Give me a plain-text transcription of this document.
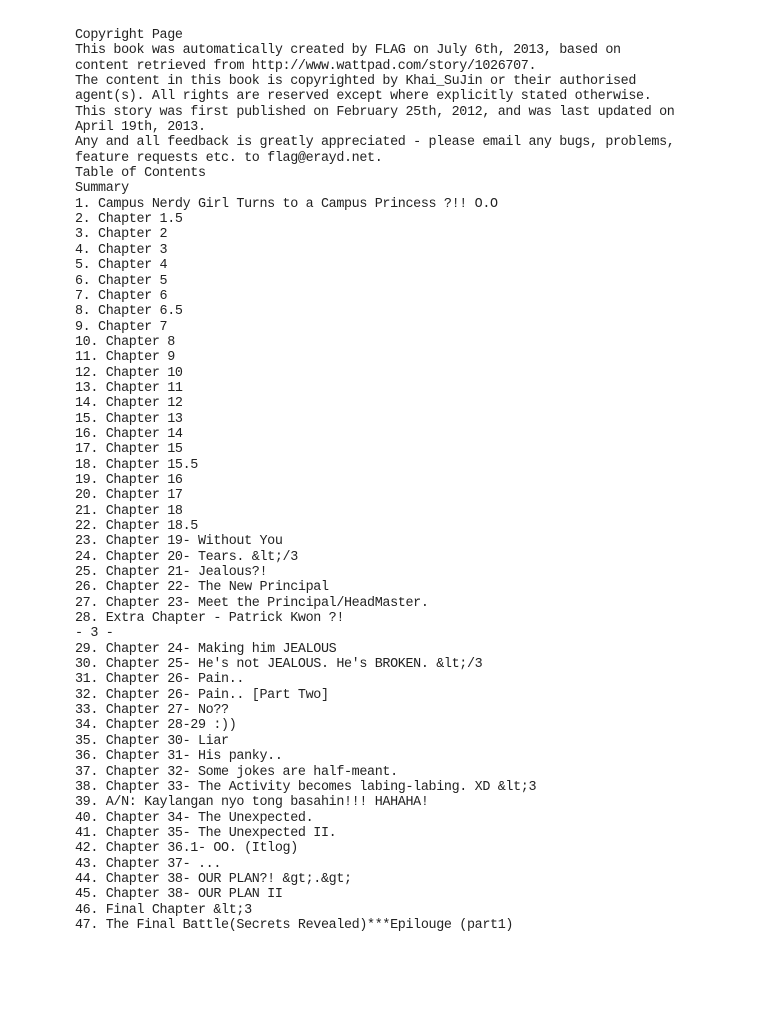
Copyright Page
This book was automatically created by FLAG on July 6th, 2013, based on
content retrieved from http://www.wattpad.com/story/1026707.
The content in this book is copyrighted by Khai_SuJin or their authorised
agent(s). All rights are reserved except where explicitly stated otherwise.
This story was first published on February 25th, 2012, and was last updated on
April 19th, 2013.
Any and all feedback is greatly appreciated - please email any bugs, problems,
feature requests etc. to flag@erayd.net.
Table of Contents
Summary
1. Campus Nerdy Girl Turns to a Campus Princess ?!! O.O
2. Chapter 1.5
3. Chapter 2
4. Chapter 3
5. Chapter 4
6. Chapter 5
7. Chapter 6
8. Chapter 6.5
9. Chapter 7
10. Chapter 8
11. Chapter 9
12. Chapter 10
13. Chapter 11
14. Chapter 12
15. Chapter 13
16. Chapter 14
17. Chapter 15
18. Chapter 15.5
19. Chapter 16
20. Chapter 17
21. Chapter 18
22. Chapter 18.5
23. Chapter 19- Without You
24. Chapter 20- Tears. &lt;/3
25. Chapter 21- Jealous?!
26. Chapter 22- The New Principal
27. Chapter 23- Meet the Principal/HeadMaster.
28. Extra Chapter - Patrick Kwon ?!
- 3 -
29. Chapter 24- Making him JEALOUS
30. Chapter 25- He's not JEALOUS. He's BROKEN. &lt;/3
31. Chapter 26- Pain..
32. Chapter 26- Pain.. [Part Two]
33. Chapter 27- No??
34. Chapter 28-29 :))
35. Chapter 30- Liar
36. Chapter 31- His panky..
37. Chapter 32- Some jokes are half-meant.
38. Chapter 33- The Activity becomes labing-labing. XD &lt;3
39. A/N: Kaylangan nyo tong basahin!!! HAHAHA!
40. Chapter 34- The Unexpected.
41. Chapter 35- The Unexpected II.
42. Chapter 36.1- OO. (Itlog)
43. Chapter 37- ...
44. Chapter 38- OUR PLAN?! &gt;.&gt;
45. Chapter 38- OUR PLAN II
46. Final Chapter &lt;3
47. The Final Battle(Secrets Revealed)***Epilouge (part1)
